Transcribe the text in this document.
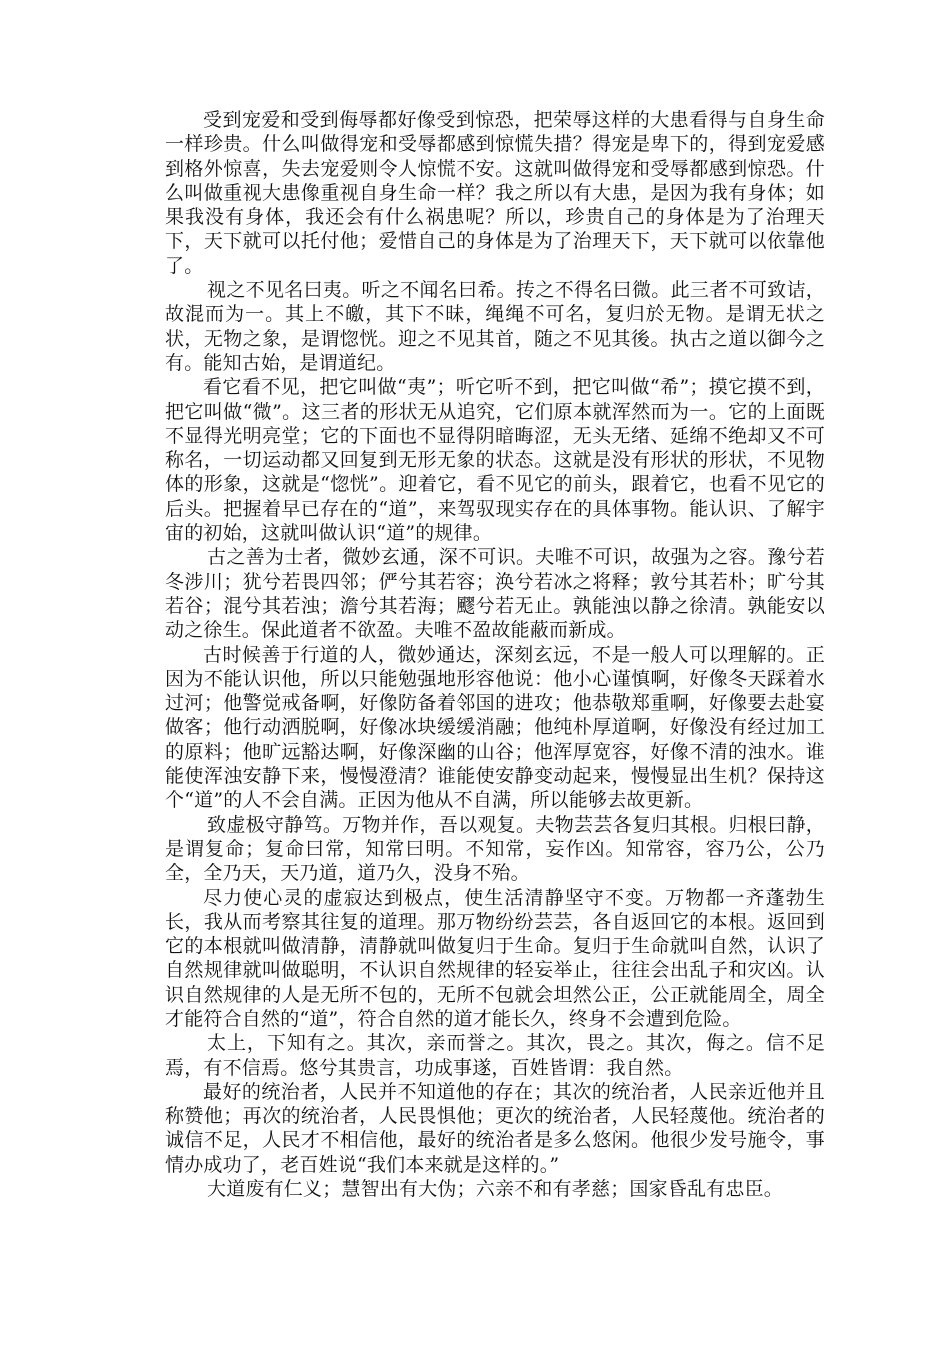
受到宠爱和受到侮辱都好像受到惊恐，把荣辱这样的大患看得与自身生命一样珍贵。什么叫做得宠和受辱都感到惊慌失措？得宠是卑下的，得到宠爱感到格外惊喜，失去宠爱则令人惊慌不安。这就叫做得宠和受辱都感到惊恐。什么叫做重视大患像重视自身生命一样？我之所以有大患，是因为我有身体；如果我没有身体，我还会有什么祸患呢？所以，珍贵自己的身体是为了治理天下，天下就可以托付他；爱惜自己的身体是为了治理天下，天下就可以依靠他了。

视之不见名曰夷。听之不闻名曰希。抟之不得名曰微。此三者不可致诘，故混而为一。其上不皦，其下不昧，绳绳不可名，复归於无物。是谓无状之状，无物之象，是谓惚恍。迎之不见其首，随之不见其後。执古之道以御今之有。能知古始，是谓道纪。

看它看不见，把它叫做“夷”；听它听不到，把它叫做“希”；摸它摸不到，把它叫做“微”。这三者的形状无从追究，它们原本就浑然而为一。它的上面既不显得光明亮堂；它的下面也不显得阴暗晦涩，无头无绪、延绵不绝却又不可称名，一切运动都又回复到无形无象的状态。这就是没有形状的形状，不见物体的形象，这就是“惚恍”。迎着它，看不见它的前头，跟着它，也看不见它的后头。把握着早已存在的“道”，来驾驭现实存在的具体事物。能认识、了解宇宙的初始，这就叫做认识“道”的规律。

古之善为士者，微妙玄通，深不可识。夫唯不可识，故强为之容。豫兮若冬涉川；犹兮若畏四邻；俨兮其若容；涣兮若冰之将释；敦兮其若朴；旷兮其若谷；混兮其若浊；澹兮其若海；飂兮若无止。孰能浊以静之徐清。孰能安以动之徐生。保此道者不欲盈。夫唯不盈故能蔽而新成。

古时候善于行道的人，微妙通达，深刻玄远，不是一般人可以理解的。正因为不能认识他，所以只能勉强地形容他说：他小心谨慎啊，好像冬天踩着水过河；他警觉戒备啊，好像防备着邻国的进攻；他恭敬郑重啊，好像要去赴宴做客；他行动洒脱啊，好像冰块缓缓消融；他纯朴厚道啊，好像没有经过加工的原料；他旷远豁达啊，好像深幽的山谷；他浑厚宽容，好像不清的浊水。谁能使浑浊安静下来，慢慢澄清？谁能使安静变动起来，慢慢显出生机？保持这个“道”的人不会自满。正因为他从不自满，所以能够去故更新。

致虚极守静笃。万物并作，吾以观复。夫物芸芸各复归其根。归根曰静，是谓复命；复命曰常，知常曰明。不知常，妄作凶。知常容，容乃公，公乃全，全乃天，天乃道，道乃久，没身不殆。

尽力使心灵的虚寂达到极点，使生活清静坚守不变。万物都一齐蓬勃生长，我从而考察其往复的道理。那万物纷纷芸芸，各自返回它的本根。返回到它的本根就叫做清静，清静就叫做复归于生命。复归于生命就叫自然，认识了自然规律就叫做聪明，不认识自然规律的轻妄举止，往往会出乱子和灾凶。认识自然规律的人是无所不包的，无所不包就会坦然公正，公正就能周全，周全才能符合自然的“道”，符合自然的道才能长久，终身不会遭到危险。

太上，下知有之。其次，亲而誉之。其次，畏之。其次，侮之。信不足焉，有不信焉。悠兮其贵言，功成事遂，百姓皆谓：我自然。

最好的统治者，人民并不知道他的存在；其次的统治者，人民亲近他并且称赞他；再次的统治者，人民畏惧他；更次的统治者，人民轻蔑他。统治者的诚信不足，人民才不相信他，最好的统治者是多么悠闲。他很少发号施令，事情办成功了，老百姓说“我们本来就是这样的。”

大道废有仁义；慧智出有大伪；六亲不和有孝慈；国家昏乱有忠臣。
